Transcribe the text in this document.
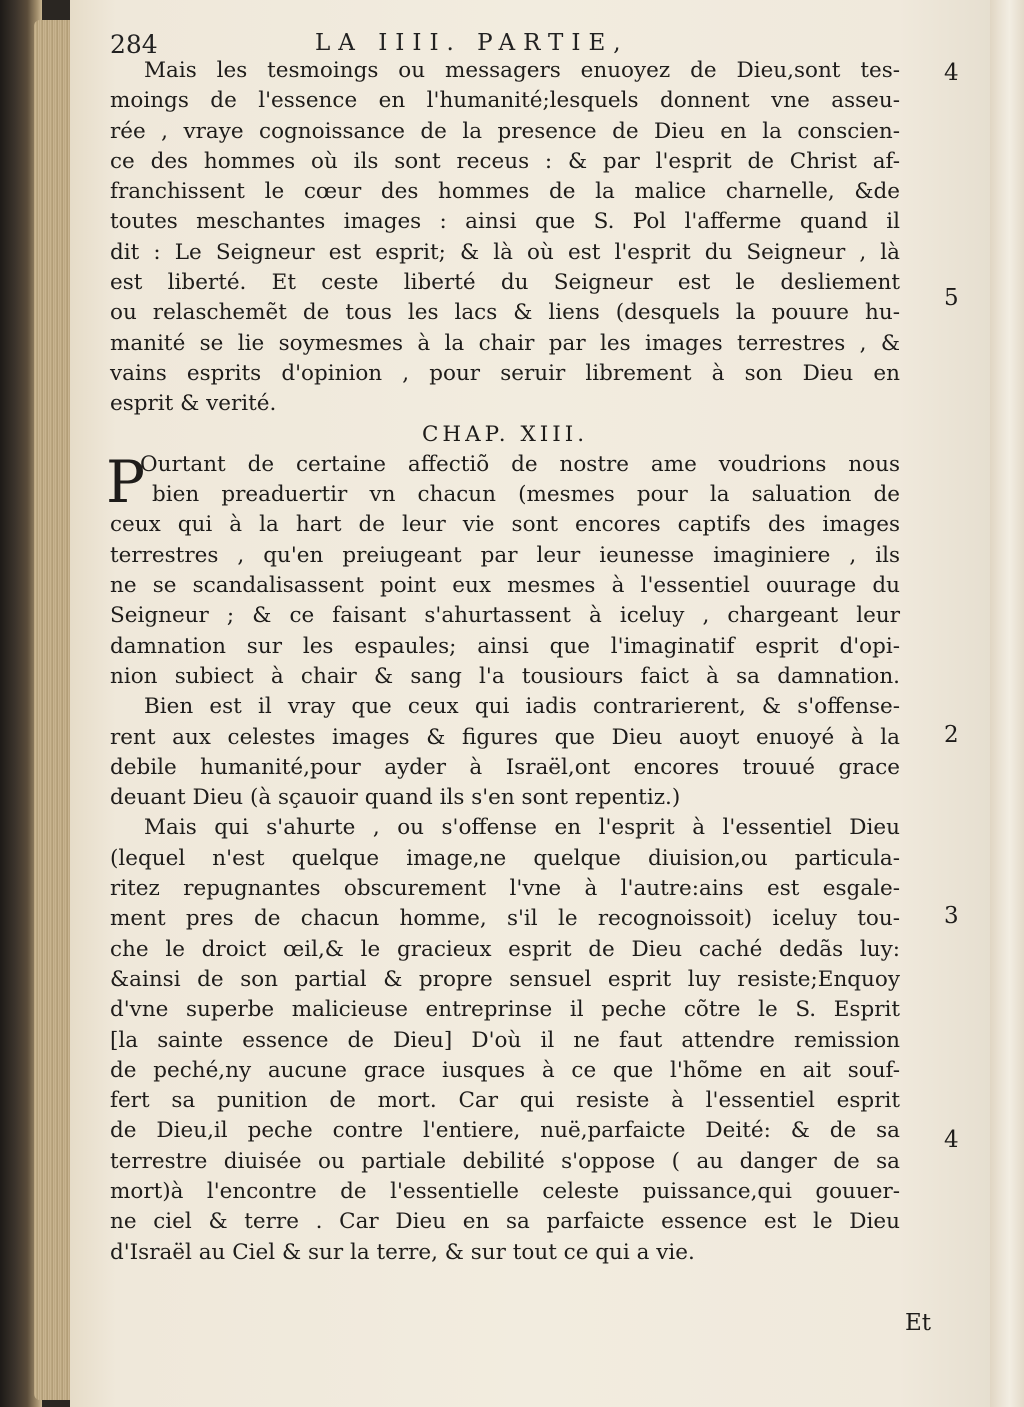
284	LA IIII. PARTIE,
Mais les tesmoings ou messagers enuoyez de Dieu,sont tes-
moings de l'essence en l'humanité;lesquels donnent vne asseu-
rée , vraye cognoissance de la presence de Dieu en la conscien-
ce des hommes où ils sont receus : & par l'esprit de Christ af-
franchissent le cœur des hommes de la malice charnelle, &de
toutes meschantes images : ainsi que S. Pol l'afferme quand il
dit : Le Seigneur est esprit; & là où est l'esprit du Seigneur , là
est liberté. Et ceste liberté du Seigneur est le desliement
ou relaschemẽt de tous les lacs & liens (desquels la pouure hu-
manité se lie soymesmes à la chair par les images terrestres , &
vains esprits d'opinion , pour seruir librement à son Dieu en
esprit & verité.
CHAP. XIII.
P
Ourtant de certaine affectiõ de nostre ame voudrions nous
bien preaduertir vn chacun (mesmes pour la saluation de
ceux qui à la hart de leur vie sont encores captifs des images
terrestres , qu'en preiugeant par leur ieunesse imaginiere , ils
ne se scandalisassent point eux mesmes à l'essentiel ouurage du
Seigneur ; & ce faisant s'ahurtassent à iceluy , chargeant leur
damnation sur les espaules; ainsi que l'imaginatif esprit d'opi-
nion subiect à chair & sang l'a tousiours faict à sa damnation.
Bien est il vray que ceux qui iadis contrarierent, & s'offense-
rent aux celestes images & figures que Dieu auoyt enuoyé à la
debile humanité,pour ayder à Israël,ont encores trouué grace
deuant Dieu (à sçauoir quand ils s'en sont repentiz.)
Mais qui s'ahurte , ou s'offense en l'esprit à l'essentiel Dieu
(lequel n'est quelque image,ne quelque diuision,ou particula-
ritez repugnantes obscurement l'vne à l'autre:ains est esgale-
ment pres de chacun homme, s'il le recognoissoit) iceluy tou-
che le droict œil,& le gracieux esprit de Dieu caché dedãs luy:
&ainsi de son partial & propre sensuel esprit luy resiste;Enquoy
d'vne superbe malicieuse entreprinse il peche cõtre le S. Esprit
[la sainte essence de Dieu] D'où il ne faut attendre remission
de peché,ny aucune grace iusques à ce que l'hõme en ait souf-
fert sa punition de mort. Car qui resiste à l'essentiel esprit
de Dieu,il peche contre l'entiere, nuë,parfaicte Deité: & de sa
terrestre diuisée ou partiale debilité s'oppose ( au danger de sa
mort)à l'encontre de l'essentielle celeste puissance,qui gouuer-
ne ciel & terre . Car Dieu en sa parfaicte essence est le Dieu
d'Israël au Ciel & sur la terre, & sur tout ce qui a vie.
4
5
2
3
4
Et
